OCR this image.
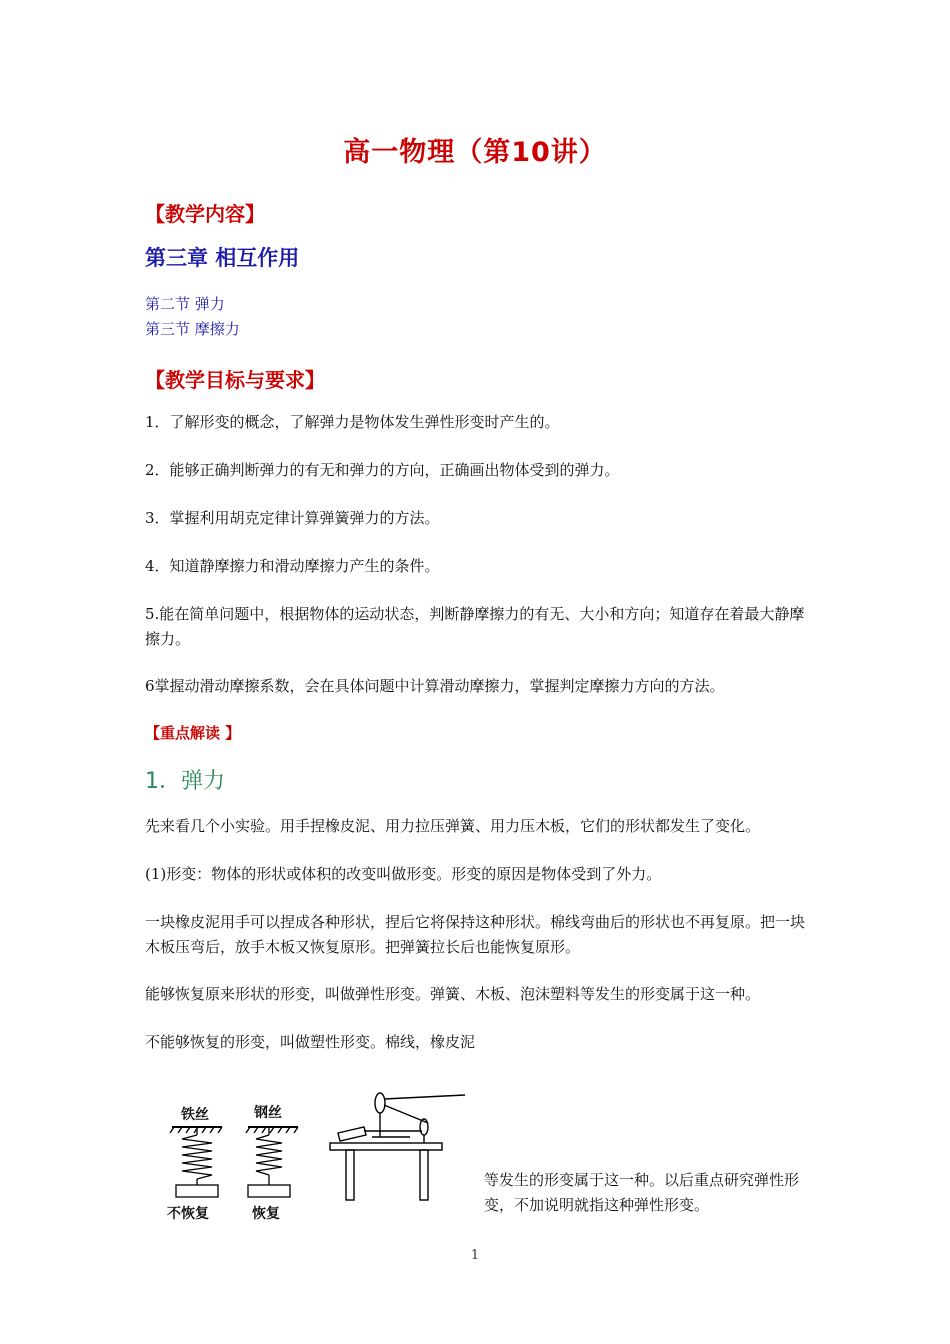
高一物理（第10讲）
【教学内容】
第三章 相互作用
第二节 弹力
第三节 摩擦力
【教学目标与要求】
1．了解形变的概念，了解弹力是物体发生弹性形变时产生的。
2．能够正确判断弹力的有无和弹力的方向，正确画出物体受到的弹力。
3．掌握利用胡克定律计算弹簧弹力的方法。
4．知道静摩擦力和滑动摩擦力产生的条件。
5.能在简单问题中，根据物体的运动状态，判断静摩擦力的有无、大小和方向；知道存在着最大静摩擦力。
6掌握动滑动摩擦系数，会在具体问题中计算滑动摩擦力，掌握判定摩擦力方向的方法。
【重点解读 】
1．弹力
先来看几个小实验。用手捏橡皮泥、用力拉压弹簧、用力压木板，它们的形状都发生了变化。
(1)形变：物体的形状或体积的改变叫做形变。形变的原因是物体受到了外力。
一块橡皮泥用手可以捏成各种形状，捏后它将保持这种形状。棉线弯曲后的形状也不再复原。把一块木板压弯后，放手木板又恢复原形。把弹簧拉长后也能恢复原形。
能够恢复原来形状的形变，叫做弹性形变。弹簧、木板、泡沫塑料等发生的形变属于这一种。
不能够恢复的形变，叫做塑性形变。棉线，橡皮泥
铁丝	钢丝
不恢复	恢复
等发生的形变属于这一种。以后重点研究弹性形变，不加说明就指这种弹性形变。
1
